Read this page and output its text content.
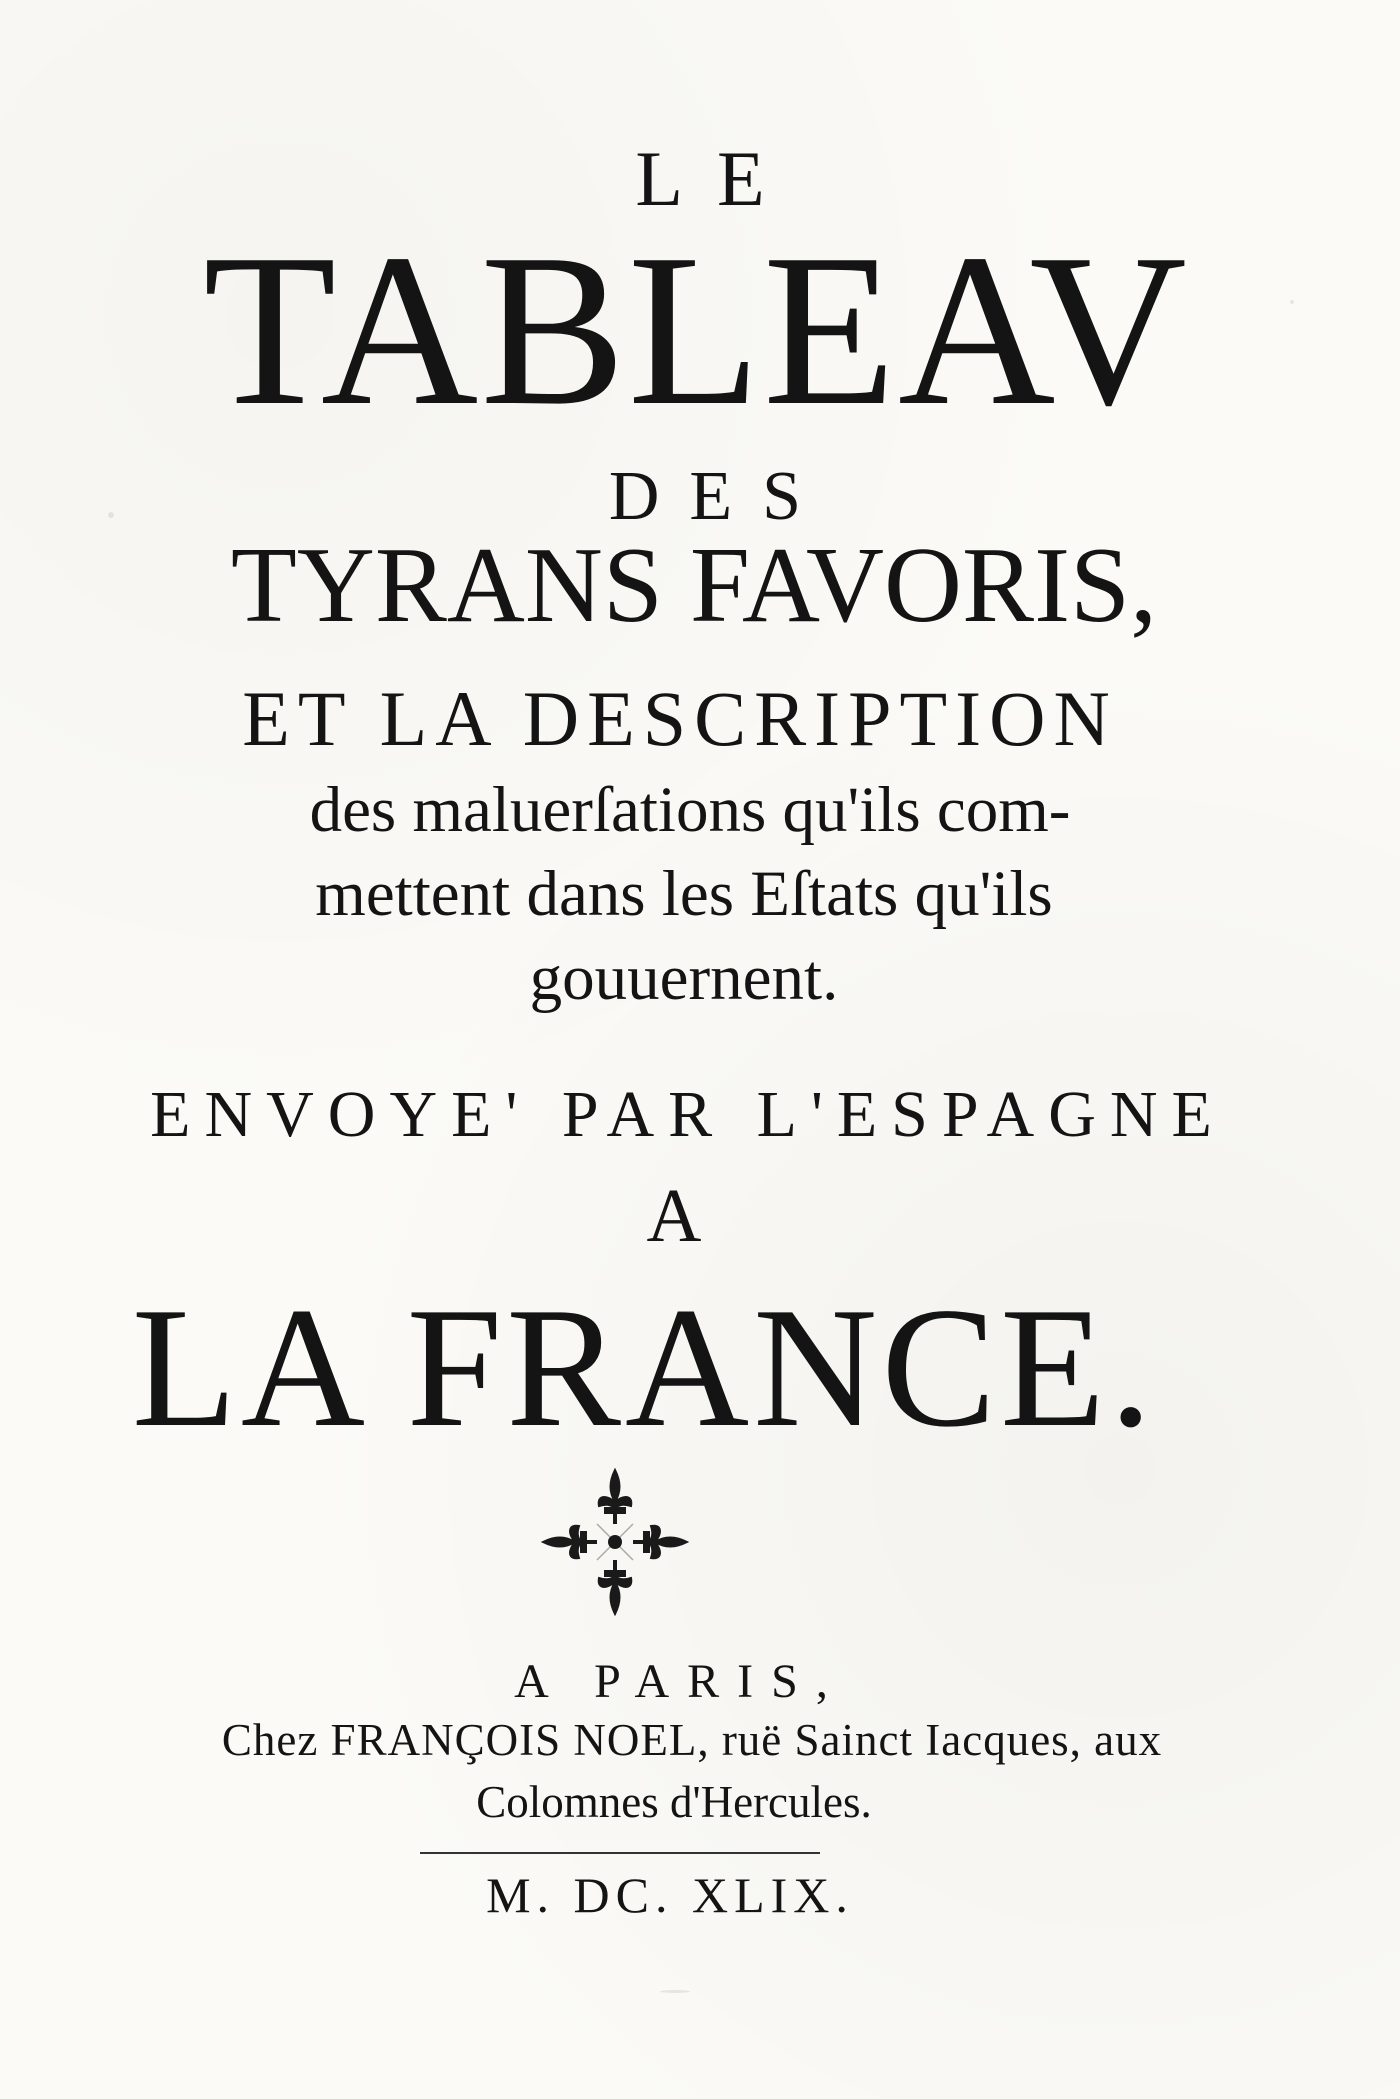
LE
TABLEAV
DES
TYRANS FAVORIS,
ET LA DESCRIPTION
des maluerſations qu'ils com-
mettent dans les Eſtats qu'ils
gouuernent.
ENVOYE' PAR L'ESPAGNE
A
LA FRANCE.
A PARIS,
Chez FRANÇOIS NOEL, ruë Sainct Iacques, aux
Colomnes d'Hercules.
M. DC. XLIX.
